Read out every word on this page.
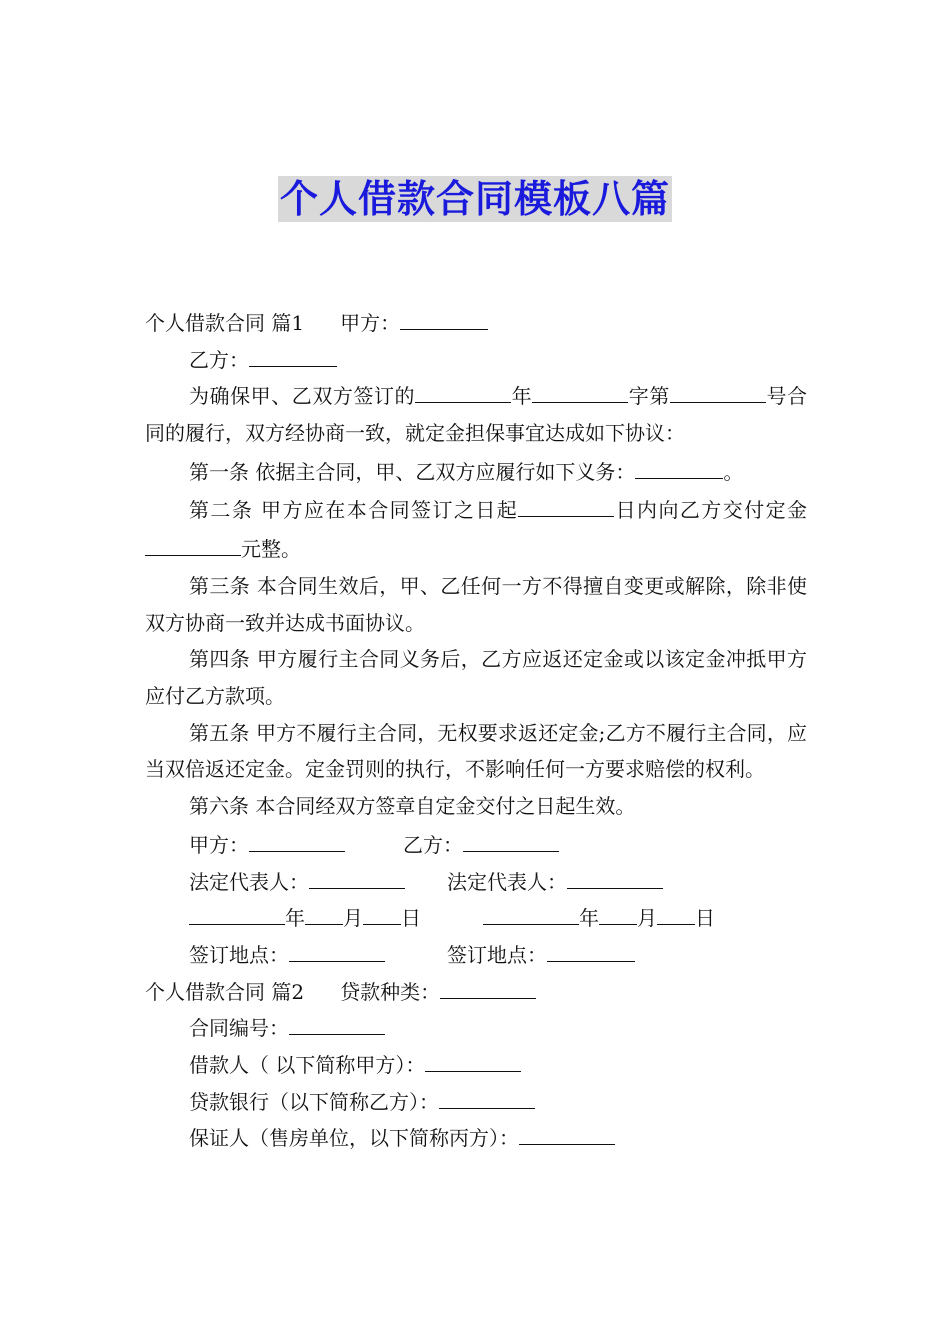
个人借款合同模板八篇
个人借款合同 篇1 甲方：
乙方：
为确保甲、乙双方签订的	年	字第	号合同的履行，双方经协商一致，就定金担保事宜达成如下协议：
第一条 依据主合同，甲、乙双方应履行如下义务：	。
第二条 甲方应在本合同签订之日起	日内向乙方交付定金元整。
第三条 本合同生效后，甲、乙任何一方不得擅自变更或解除，除非使双方协商一致并达成书面协议。
第四条 甲方履行主合同义务后，乙方应返还定金或以该定金冲抵甲方应付乙方款项。
第五条 甲方不履行主合同，无权要求返还定金;乙方不履行主合同，应当双倍返还定金。定金罚则的执行，不影响任何一方要求赔偿的权利。
第六条 本合同经双方签章自定金交付之日起生效。
甲方：	乙方：
法定代表人：	法定代表人：
年 月 日	年 月 日
签订地点：	签订地点：
个人借款合同 篇2 贷款种类：
合同编号：
借款人（ 以下简称甲方）：
贷款银行（以下简称乙方）：
保证人（售房单位，以下简称丙方）：
